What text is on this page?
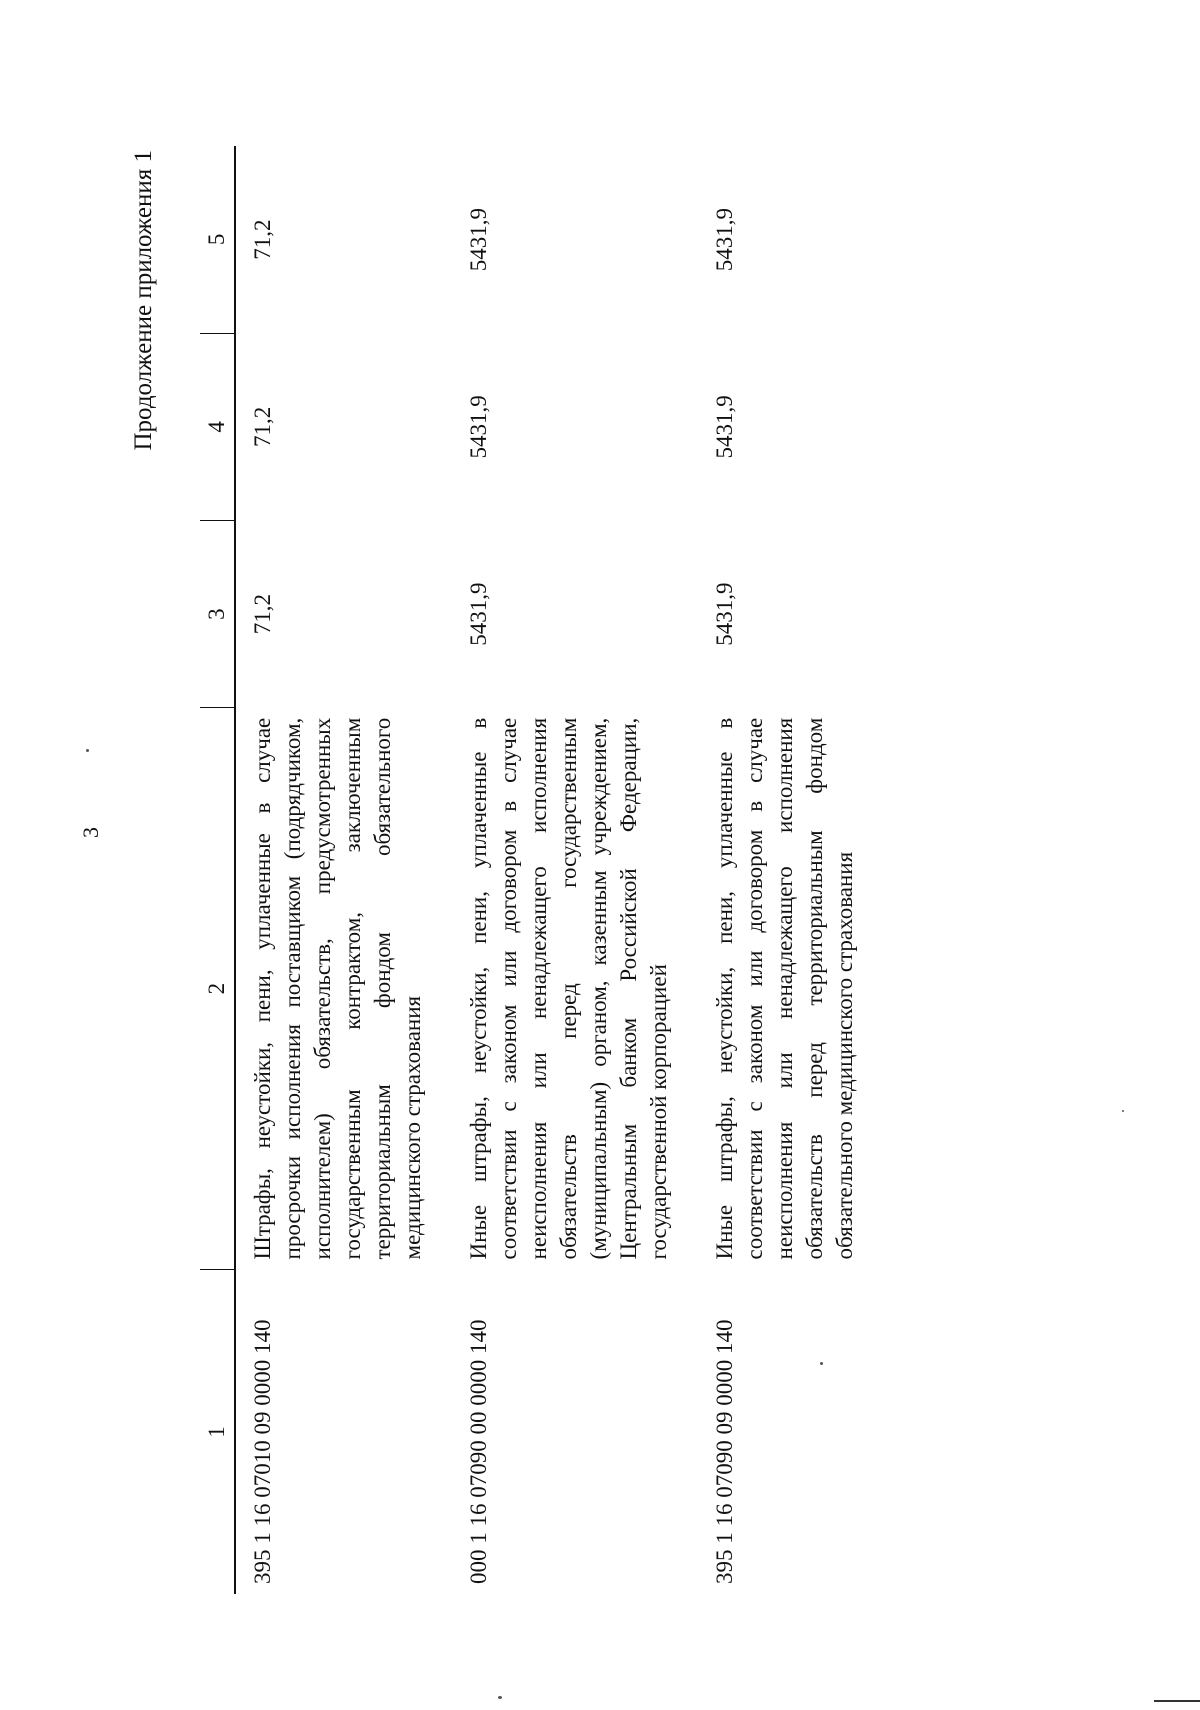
3
Продолжение приложения 1
1	2	3	4	5
395 1 16 07010 09 0000 140	Штрафы, неустойки, пени, уплаченные в случае просрочки исполнения поставщиком (подрядчиком, исполнителем) обязательств, предусмотренных государственным контрактом, заключенным территориальным фондом обязательного медицинского страхования	71,2	71,2	71,2
000 1 16 07090 00 0000 140	Иные штрафы, неустойки, пени, уплаченные в соответствии с законом или договором в случае неисполнения или ненадлежащего исполнения обязательств перед государственным (муниципальным) органом, казенным учреждением, Центральным банком Российской Федерации, государственной корпорацией	5431,9	5431,9	5431,9
395 1 16 07090 09 0000 140	Иные штрафы, неустойки, пени, уплаченные в соответствии с законом или договором в случае неисполнения или ненадлежащего исполнения обязательств перед территориальным фондом обязательного медицинского страхования	5431,9	5431,9	5431,9
